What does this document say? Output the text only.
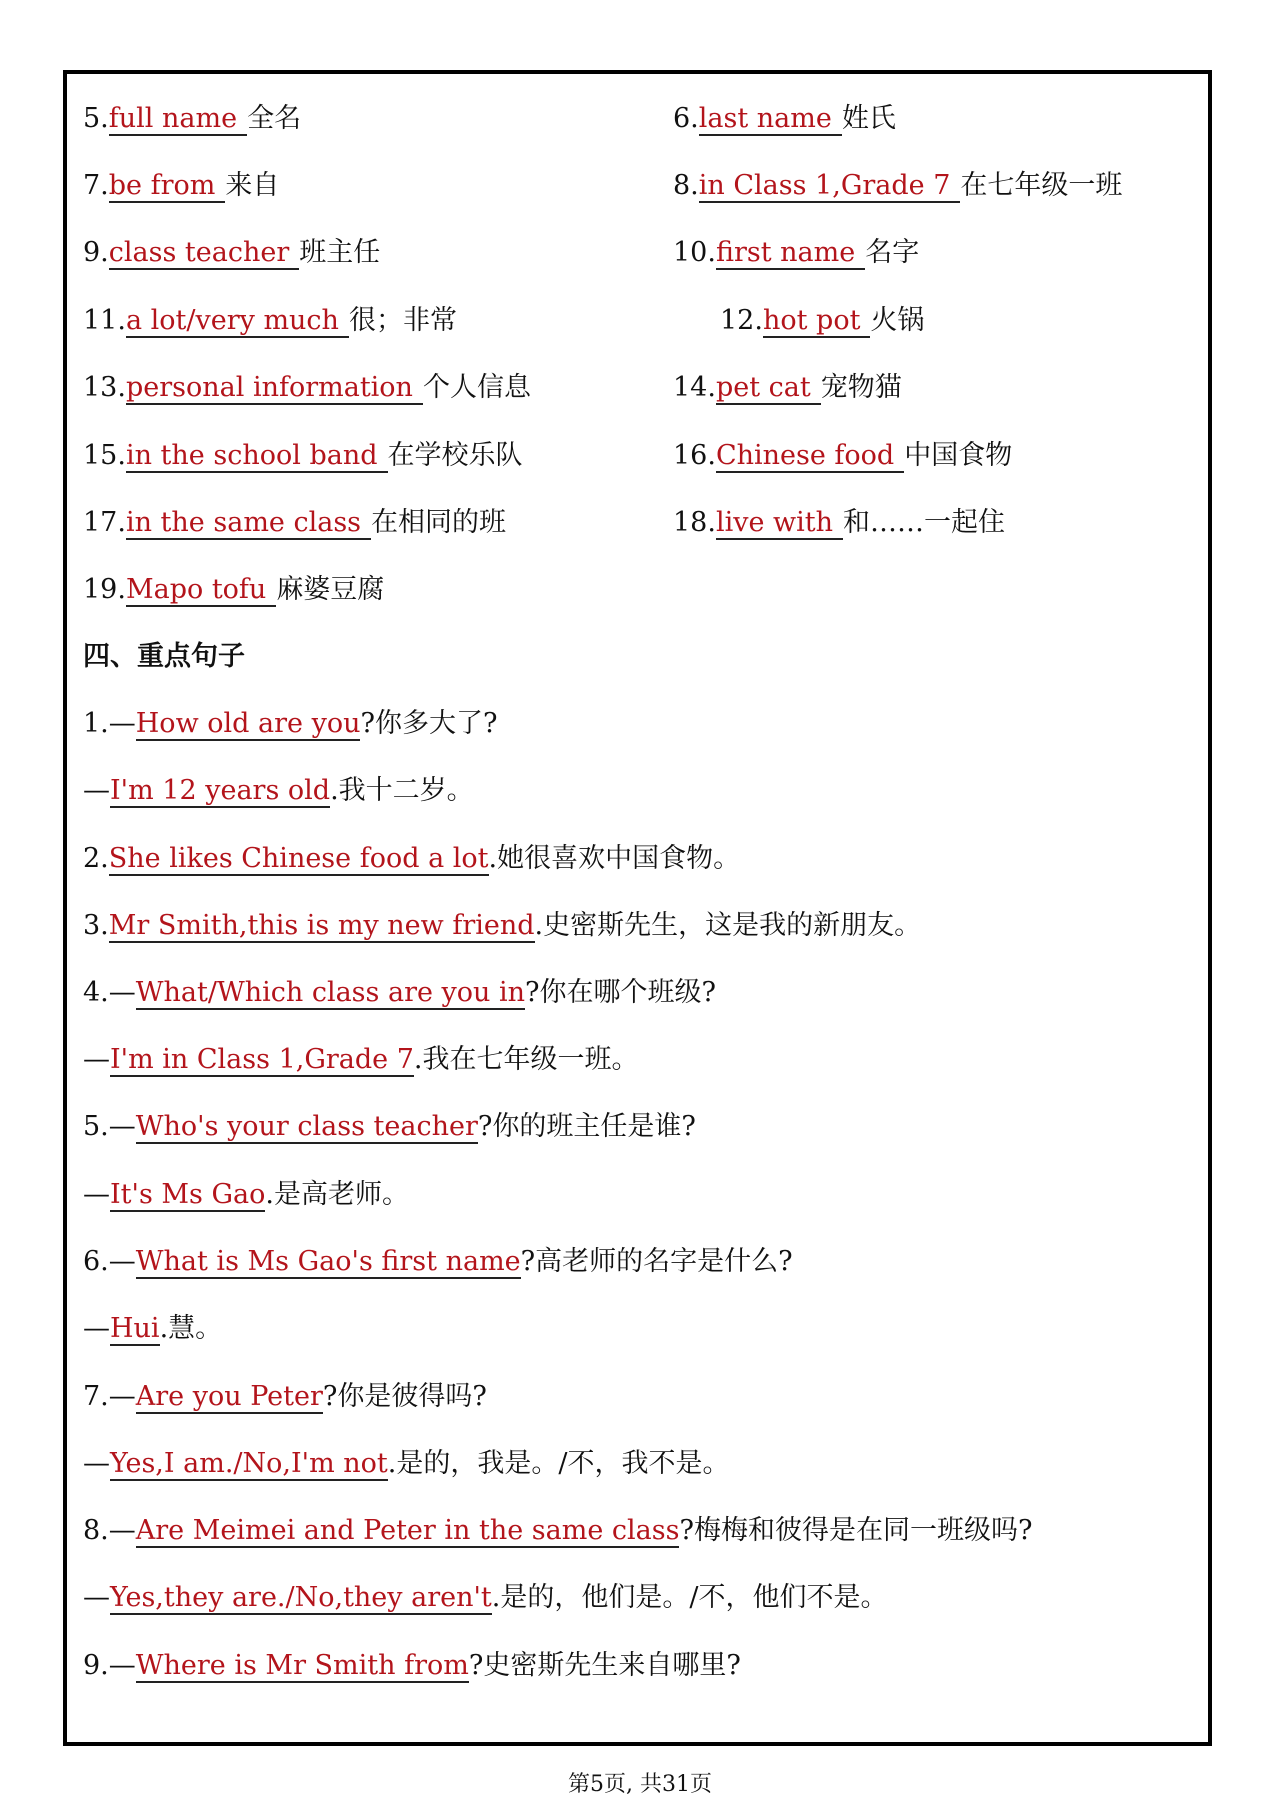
5.full name 全名	6.last name 姓氏
7.be from 来自	8.in Class 1,Grade 7 在七年级一班
9.class teacher 班主任	10.first name 名字
11.a lot/very much 很；非常	12.hot pot 火锅
13.personal information 个人信息	14.pet cat 宠物猫
15.in the school band 在学校乐队	16.Chinese food 中国食物
17.in the same class 在相同的班	18.live with 和……一起住
19.Mapo tofu 麻婆豆腐
四、重点句子
1.—How old are you?你多大了?
—I'm 12 years old.我十二岁。
2.She likes Chinese food a lot.她很喜欢中国食物。
3.Mr Smith,this is my new friend.史密斯先生，这是我的新朋友。
4.—What/Which class are you in?你在哪个班级?
—I'm in Class 1,Grade 7.我在七年级一班。
5.—Who's your class teacher?你的班主任是谁?
—It's Ms Gao.是高老师。
6.—What is Ms Gao's first name?高老师的名字是什么?
—Hui.慧。
7.—Are you Peter?你是彼得吗?
—Yes,I am./No,I'm not.是的，我是。/不，我不是。
8.—Are Meimei and Peter in the same class?梅梅和彼得是在同一班级吗?
—Yes,they are./No,they aren't.是的，他们是。/不，他们不是。
9.—Where is Mr Smith from?史密斯先生来自哪里?
第5页, 共31页
